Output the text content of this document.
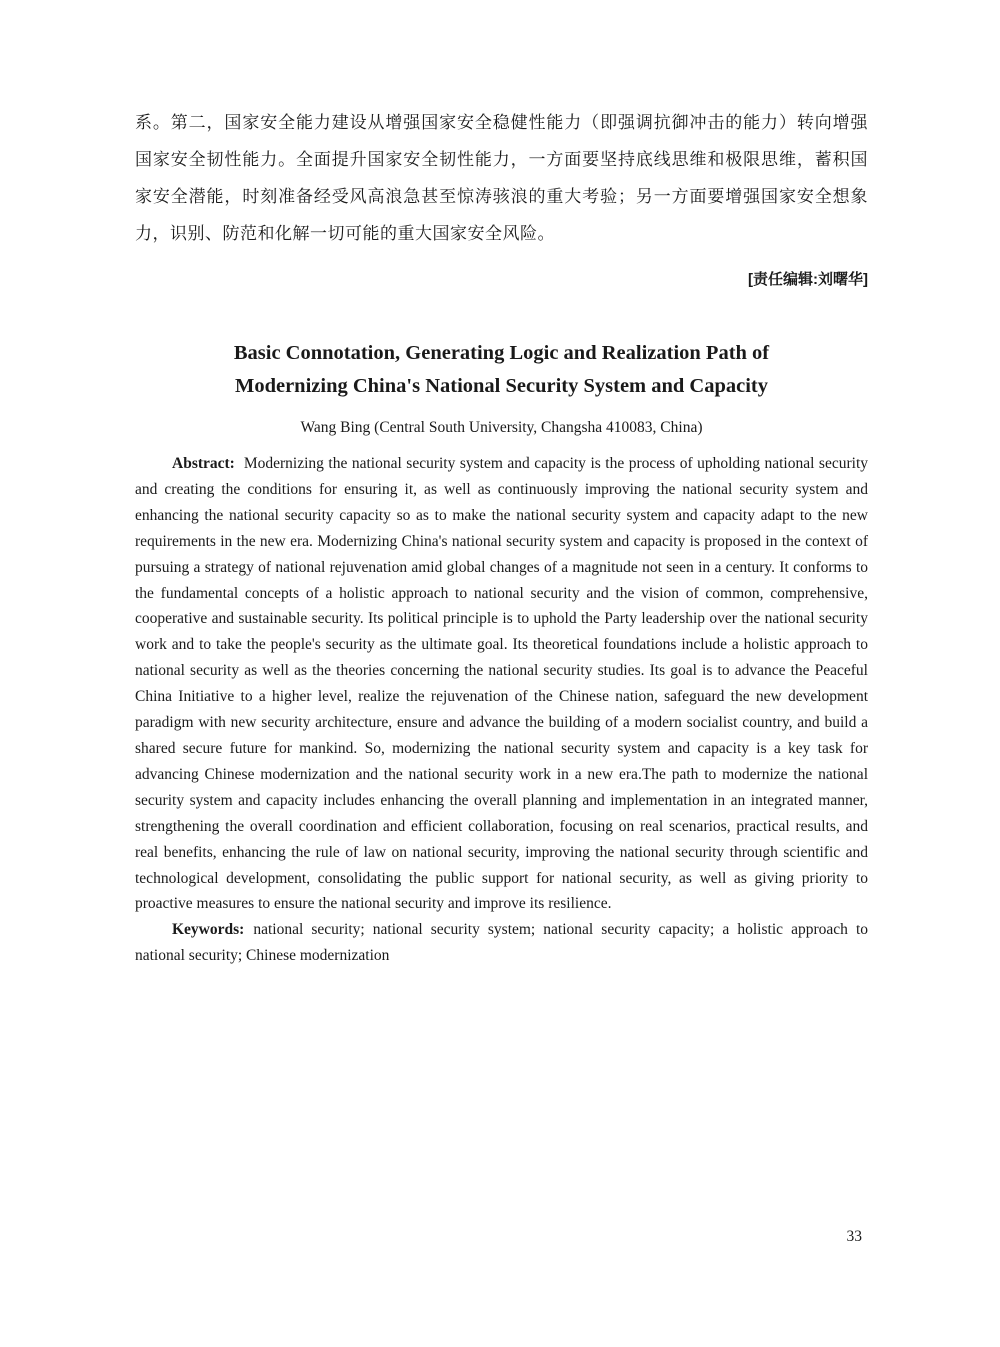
系。第二，国家安全能力建设从增强国家安全稳健性能力（即强调抗御冲击的能力）转向增强国家安全韧性能力。全面提升国家安全韧性能力，一方面要坚持底线思维和极限思维，蓄积国家安全潜能，时刻准备经受风高浪急甚至惊涛骇浪的重大考验；另一方面要增强国家安全想象力，识别、防范和化解一切可能的重大国家安全风险。

[责任编辑:刘曙华]
Basic Connotation, Generating Logic and Realization Path of
Modernizing China's National Security System and Capacity
Wang Bing (Central South University, Changsha 410083, China)

Abstract: Modernizing the national security system and capacity is the process of upholding national security and creating the conditions for ensuring it, as well as continuously improving the national security system and enhancing the national security capacity so as to make the national security system and capacity adapt to the new requirements in the new era. Modernizing China's national security system and capacity is proposed in the context of pursuing a strategy of national rejuvenation amid global changes of a magnitude not seen in a century. It conforms to the fundamental concepts of a holistic approach to national security and the vision of common, comprehensive, cooperative and sustainable security. Its political principle is to uphold the Party leadership over the national security work and to take the people's security as the ultimate goal. Its theoretical foundations include a holistic approach to national security as well as the theories concerning the national security studies. Its goal is to advance the Peaceful China Initiative to a higher level, realize the rejuvenation of the Chinese nation, safeguard the new development paradigm with new security architecture, ensure and advance the building of a modern socialist country, and build a shared secure future for mankind. So, modernizing the national security system and capacity is a key task for advancing Chinese modernization and the national security work in a new era.The path to modernize the national security system and capacity includes enhancing the overall planning and implementation in an integrated manner, strengthening the overall coordination and efficient collaboration, focusing on real scenarios, practical results, and real benefits, enhancing the rule of law on national security, improving the national security through scientific and technological development, consolidating the public support for national security, as well as giving priority to proactive measures to ensure the national security and improve its resilience.

Keywords: national security; national security system; national security capacity; a holistic approach to national security; Chinese modernization

33
